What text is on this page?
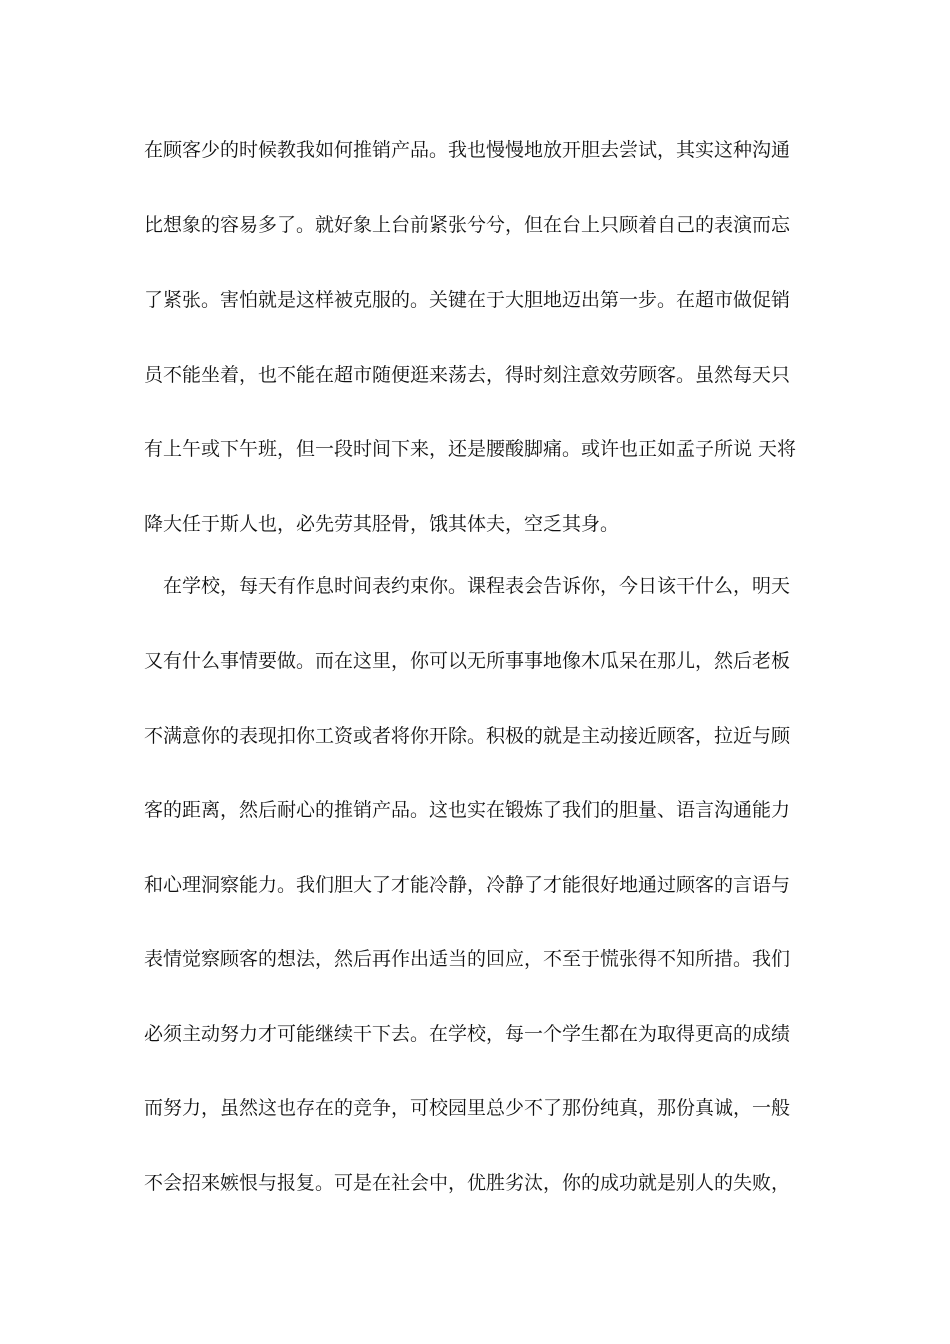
在顾客少的时候教我如何推销产品。我也慢慢地放开胆去尝试，其实这种沟通

比想象的容易多了。就好象上台前紧张兮兮，但在台上只顾着自己的表演而忘

了紧张。害怕就是这样被克服的。关键在于大胆地迈出第一步。在超市做促销

员不能坐着，也不能在超市随便逛来荡去，得时刻注意效劳顾客。虽然每天只

有上午或下午班，但一段时间下来，还是腰酸脚痛。或许也正如孟子所说 天将

降大任于斯人也，必先劳其胫骨，饿其体夫，空乏其身。

在学校，每天有作息时间表约束你。课程表会告诉你，今日该干什么，明天

又有什么事情要做。而在这里，你可以无所事事地像木瓜呆在那儿，然后老板

不满意你的表现扣你工资或者将你开除。积极的就是主动接近顾客，拉近与顾

客的距离，然后耐心的推销产品。这也实在锻炼了我们的胆量、语言沟通能力

和心理洞察能力。我们胆大了才能冷静，冷静了才能很好地通过顾客的言语与

表情觉察顾客的想法，然后再作出适当的回应，不至于慌张得不知所措。我们

必须主动努力才可能继续干下去。在学校，每一个学生都在为取得更高的成绩

而努力，虽然这也存在的竞争，可校园里总少不了那份纯真，那份真诚，一般

不会招来嫉恨与报复。可是在社会中，优胜劣汰，你的成功就是别人的失败，
